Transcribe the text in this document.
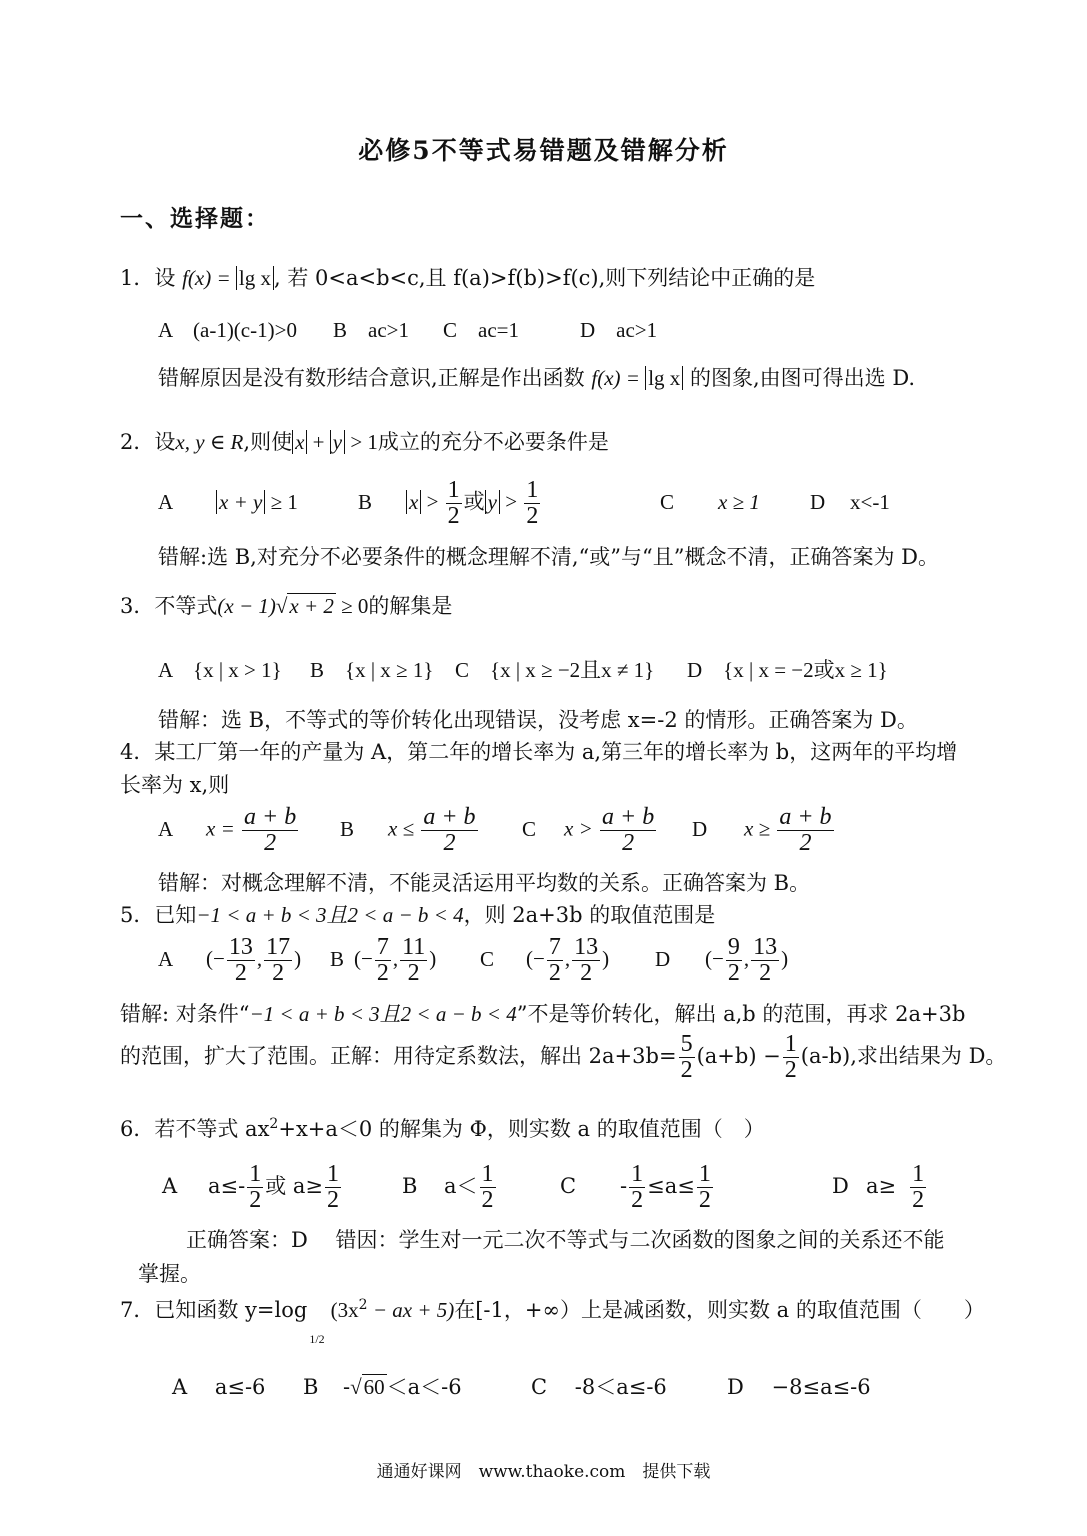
必修5不等式易错题及错解分析
一、选择题：
1．设 f(x) = lg x , 若 0<a<b<c,且 f(a)>f(b)>f(c),则下列结论中正确的是
A　(a-1)(c-1)>0 B　ac>1 C　ac=1	D　ac>1
错解原因是没有数形结合意识,正解是作出函数 f(x) = lg x 的图象,由图可得出选 D.
2．设x, y ∈ R,则使 x + y > 1成立的充分不必要条件是
A x + y ≥ 1	B $x > \frac{1}{2}$ 或 $y > \frac{1}{2}$	C x ≥ 1 D x<-1
错解:选 B,对充分不必要条件的概念理解不清,“或”与“且”概念不清，正确答案为 D。
3．不等式(x − 1)√x + 2 ≥ 0的解集是
A　{x | x > 1} B　{x | x ≥ 1} C　{x | x ≥ −2且x ≠ 1} D　{x | x = −2或x ≥ 1}
错解：选 B，不等式的等价转化出现错误，没考虑 x=-2 的情形。正确答案为 D。
4．某工厂第一年的产量为 A，第二年的增长率为 a,第三年的增长率为 b，这两年的平均增
长率为 x,则
A $x = \frac{a + b}{2}$ B $x \le \frac{a + b}{2}$ C $x > \frac{a + b}{2}$ D $x \ge \frac{a + b}{2}$
错解：对概念理解不清，不能灵活运用平均数的关系。正确答案为 B。
5．已知−1 < a + b < 3且2 < a − b < 4，则 2a+3b 的取值范围是
A (− $\frac{13}{2}$ , $\frac{17}{2}$ ) B (− $\frac{7}{2}$ , $\frac{11}{2}$ ) C (− $\frac{7}{2}$ , $\frac{13}{2}$ ) D (− $\frac{9}{2}$ , $\frac{13}{2}$ )
错解: 对条件“−1 < a + b < 3且2 < a − b < 4”不是等价转化，解出 a,b 的范围，再求 2a+3b
的范围，扩大了范围。正解：用待定系数法，解出 $2a+3b= \frac{5}{2} (a+b) - \frac{1}{2} (a-b)$,求出结果为 D。
6．若不等式 $ax^2+x+a<0$ 的解集为 Φ，则实数 a 的取值范围（　）
A $a\le- \frac{1}{2}$ 或 $a\ge \frac{1}{2}$	B $a< \frac{1}{2}$	$C - \frac{1}{2} \le a\le \frac{1}{2}$	D $a\ge \frac{1}{2}$
正确答案：D　 错因：学生对一元二次不等式与二次函数的图象之间的关系还不能
掌握。
7．已知函数 $y=\log_{1/2}(3x^2$ − ax + 5)在[-1，+∞）上是减函数，则实数 a 的取值范围（　　）
A　 a≤-6 B -√60＜a＜-6	C　 -8＜a≤-6	D　 −8≤a≤-6
通通好课网　www.thaoke.com　提供下载
